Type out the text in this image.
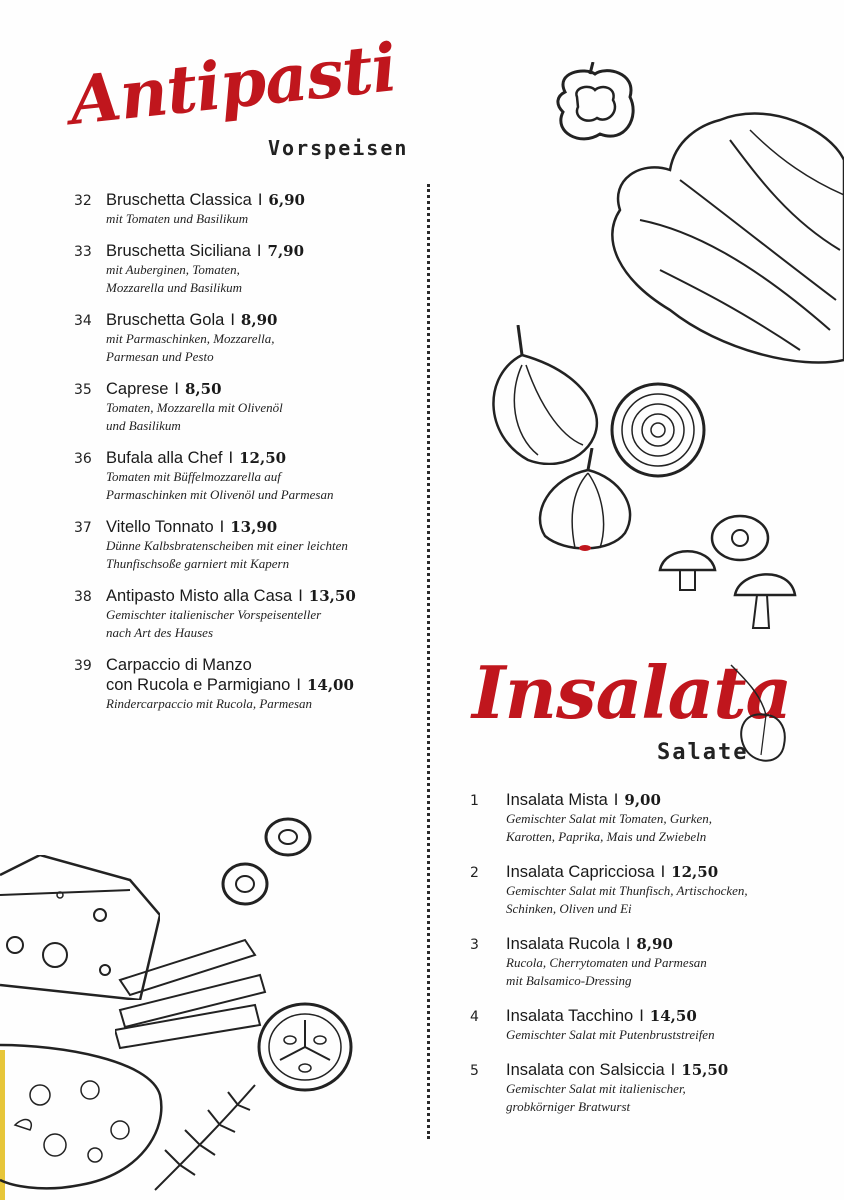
Antipasti
Vorspeisen
32 Bruschetta Classica I 6,90
mit Tomaten und Basilikum
33 Bruschetta Siciliana I 7,90
mit Auberginen, Tomaten,
Mozzarella und Basilikum
34 Bruschetta Gola I 8,90
mit Parmaschinken, Mozzarella,
Parmesan und Pesto
35 Caprese I 8,50
Tomaten, Mozzarella mit Olivenöl
und Basilikum
36 Bufala alla Chef I 12,50
Tomaten mit Büffelmozzarella auf
Parmaschinken mit Olivenöl und Parmesan
37 Vitello Tonnato I 13,90
Dünne Kalbsbratenscheiben mit einer leichten
Thunfischsoße garniert mit Kapern
38 Antipasto Misto alla Casa I 13,50
Gemischter italienischer Vorspeisenteller
nach Art des Hauses
39 Carpaccio di Manzo
con Rucola e Parmigiano I 14,00
Rindercarpaccio mit Rucola, Parmesan	Insalata
Salate
1 Insalata Mista I 9,00
Gemischter Salat mit Tomaten, Gurken,
Karotten, Paprika, Mais und Zwiebeln
2 Insalata Capricciosa I 12,50
Gemischter Salat mit Thunfisch, Artischocken,
Schinken, Oliven und Ei
3 Insalata Rucola I 8,90
Rucola, Cherrytomaten und Parmesan
mit Balsamico-Dressing
4 Insalata Tacchino I 14,50
Gemischter Salat mit Putenbruststreifen
5 Insalata con Salsiccia I 15,50
Gemischter Salat mit italienischer,
grobkörniger Bratwurst
